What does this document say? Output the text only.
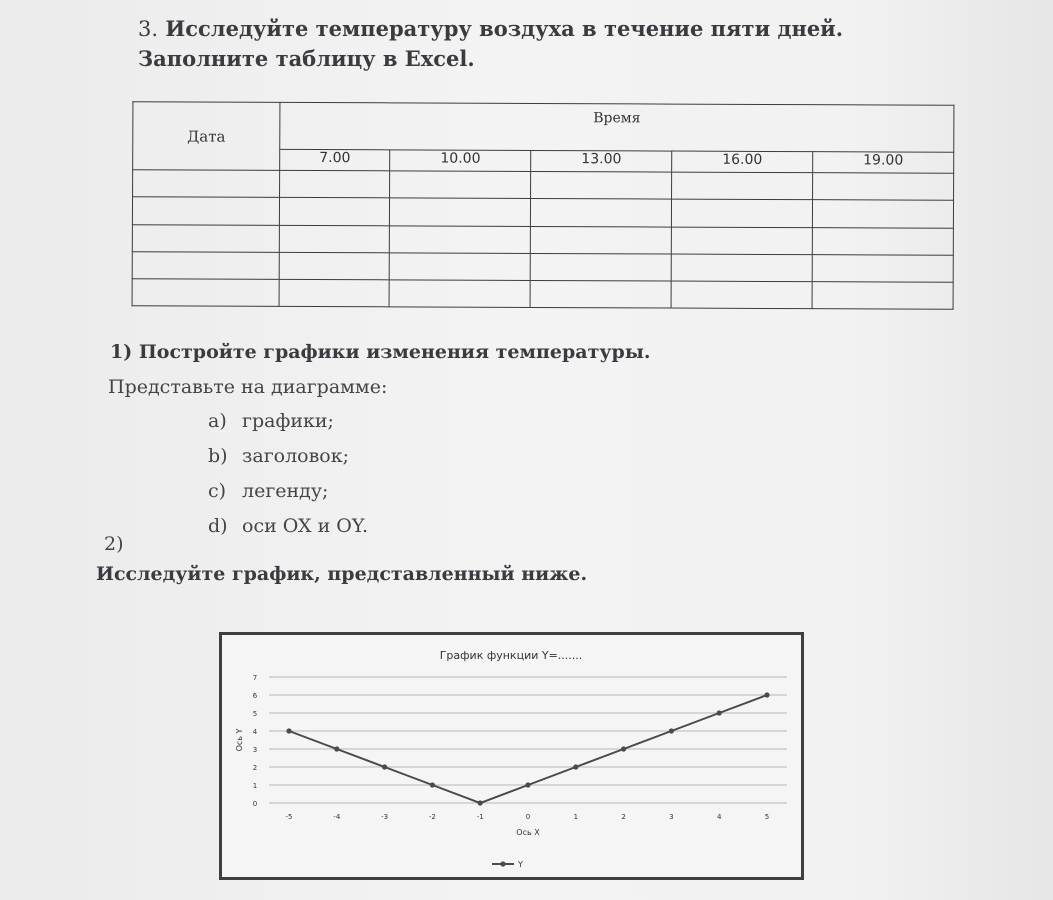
3. Исследуйте температуру воздуха в течение пяти дней. Заполните таблицу в Excel.
Дата	Время				
	7.00	10.00	13.00	16.00	19.00

1) Постройте графики изменения температуры.
Представьте на диаграмме:
a) графики;
b) заголовок;
c) легенду;
d) оси OX и OY.
2)
Исследуйте график, представленный ниже.
График функции Y=.......
0
1
2
3
4
5
6
7
-5	-4	-3	-2	-1	0	1	2	3	4	5
Ось X
Ось Y
Y
